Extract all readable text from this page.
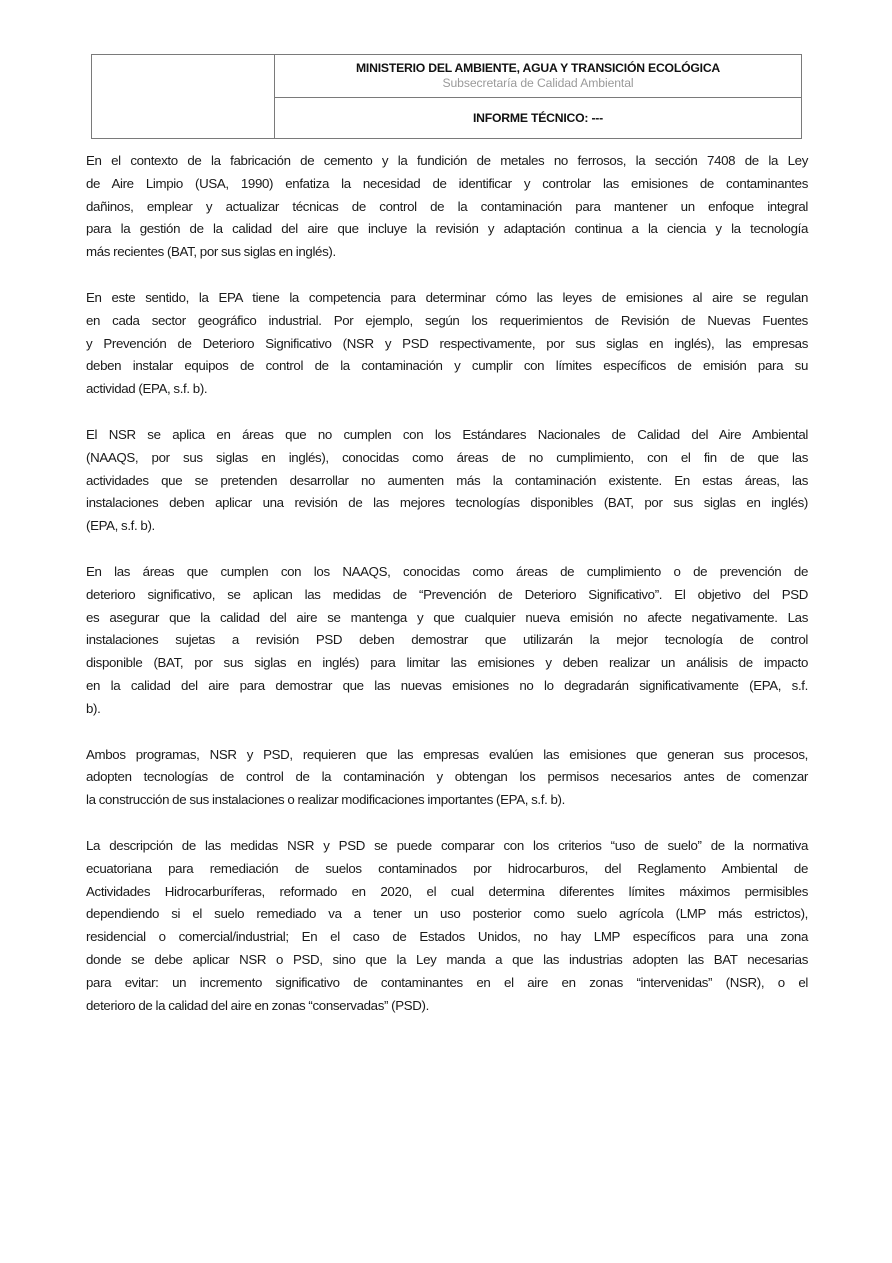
MINISTERIO DEL AMBIENTE, AGUA Y TRANSICIÓN ECOLÓGICA
Subsecretaría de Calidad Ambiental
INFORME TÉCNICO: ---

En el contexto de la fabricación de cemento y la fundición de metales no ferrosos, la sección 7408 de la Ley
de Aire Limpio (USA, 1990) enfatiza la necesidad de identificar y controlar las emisiones de contaminantes
dañinos, emplear y actualizar técnicas de control de la contaminación para mantener un enfoque integral
para la gestión de la calidad del aire que incluye la revisión y adaptación continua a la ciencia y la tecnología
más recientes (BAT, por sus siglas en inglés).

En este sentido, la EPA tiene la competencia para determinar cómo las leyes de emisiones al aire se regulan
en cada sector geográfico industrial. Por ejemplo, según los requerimientos de Revisión de Nuevas Fuentes
y Prevención de Deterioro Significativo (NSR y PSD respectivamente, por sus siglas en inglés), las empresas
deben instalar equipos de control de la contaminación y cumplir con límites específicos de emisión para su
actividad (EPA, s.f. b).

El NSR se aplica en áreas que no cumplen con los Estándares Nacionales de Calidad del Aire Ambiental
(NAAQS, por sus siglas en inglés), conocidas como áreas de no cumplimiento, con el fin de que las
actividades que se pretenden desarrollar no aumenten más la contaminación existente. En estas áreas, las
instalaciones deben aplicar una revisión de las mejores tecnologías disponibles (BAT, por sus siglas en inglés)
(EPA, s.f. b).

En las áreas que cumplen con los NAAQS, conocidas como áreas de cumplimiento o de prevención de
deterioro significativo, se aplican las medidas de “Prevención de Deterioro Significativo”. El objetivo del PSD
es asegurar que la calidad del aire se mantenga y que cualquier nueva emisión no afecte negativamente. Las
instalaciones sujetas a revisión PSD deben demostrar que utilizarán la mejor tecnología de control
disponible (BAT, por sus siglas en inglés) para limitar las emisiones y deben realizar un análisis de impacto
en la calidad del aire para demostrar que las nuevas emisiones no lo degradarán significativamente (EPA, s.f.
b).

Ambos programas, NSR y PSD, requieren que las empresas evalúen las emisiones que generan sus procesos,
adopten tecnologías de control de la contaminación y obtengan los permisos necesarios antes de comenzar
la construcción de sus instalaciones o realizar modificaciones importantes (EPA, s.f. b).

La descripción de las medidas NSR y PSD se puede comparar con los criterios “uso de suelo” de la normativa
ecuatoriana para remediación de suelos contaminados por hidrocarburos, del Reglamento Ambiental de
Actividades Hidrocarburíferas, reformado en 2020, el cual determina diferentes límites máximos permisibles
dependiendo si el suelo remediado va a tener un uso posterior como suelo agrícola (LMP más estrictos),
residencial o comercial/industrial; En el caso de Estados Unidos, no hay LMP específicos para una zona
donde se debe aplicar NSR o PSD, sino que la Ley manda a que las industrias adopten las BAT necesarias
para evitar: un incremento significativo de contaminantes en el aire en zonas “intervenidas” (NSR), o el
deterioro de la calidad del aire en zonas “conservadas” (PSD).
